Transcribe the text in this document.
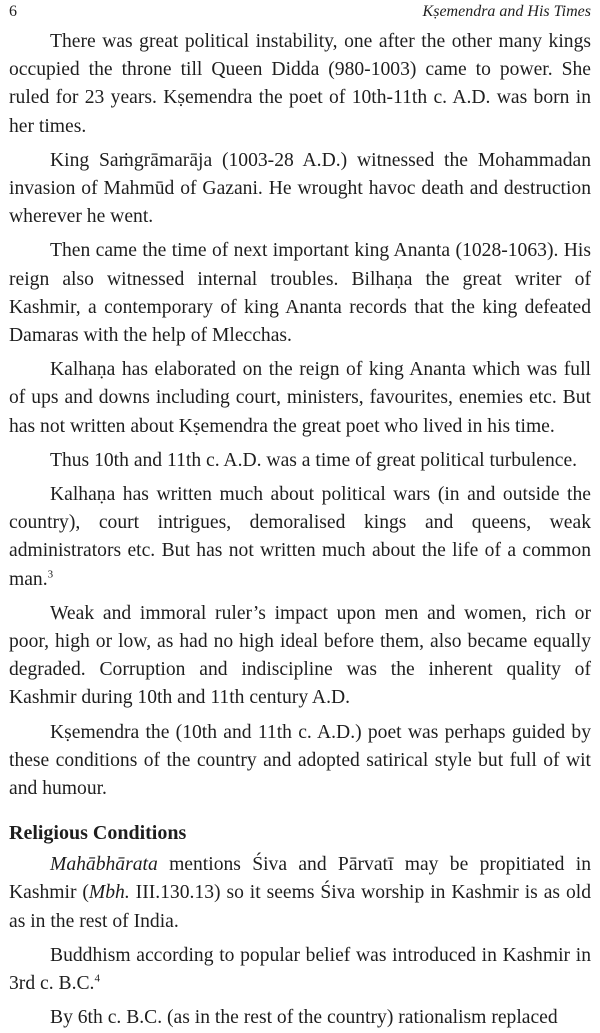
6	Kṣemendra and His Times

There was great political instability, one after the other many kings occupied the throne till Queen Didda (980-1003) came to power. She ruled for 23 years. Kṣemendra the poet of 10th-11th c. A.D. was born in her times.

King Saṁgrāmarāja (1003-28 A.D.) witnessed the Mohammadan invasion of Mahmūd of Gazani. He wrought havoc death and destruction wherever he went.

Then came the time of next important king Ananta (1028-1063). His reign also witnessed internal troubles. Bilhaṇa the great writer of Kashmir, a contemporary of king Ananta records that the king defeated Damaras with the help of Mlecchas.

Kalhaṇa has elaborated on the reign of king Ananta which was full of ups and downs including court, ministers, favourites, enemies etc. But has not written about Kṣemendra the great poet who lived in his time.

Thus 10th and 11th c. A.D. was a time of great political turbulence.

Kalhaṇa has written much about political wars (in and outside the country), court intrigues, demoralised kings and queens, weak administrators etc. But has not written much about the life of a common man.$^3$

Weak and immoral ruler’s impact upon men and women, rich or poor, high or low, as had no high ideal before them, also became equally degraded. Corruption and indiscipline was the inherent quality of Kashmir during 10th and 11th century A.D.

Kṣemendra the (10th and 11th c. A.D.) poet was perhaps guided by these conditions of the country and adopted satirical style but full of wit and humour.

Religious Conditions

Mahābhārata mentions Śiva and Pārvatī may be propitiated in Kashmir (Mbh. III.130.13) so it seems Śiva worship in Kashmir is as old as in the rest of India.

Buddhism according to popular belief was introduced in Kashmir in 3rd c. B.C.$^4$

By 6th c. B.C. (as in the rest of the country) rationalism replaced
